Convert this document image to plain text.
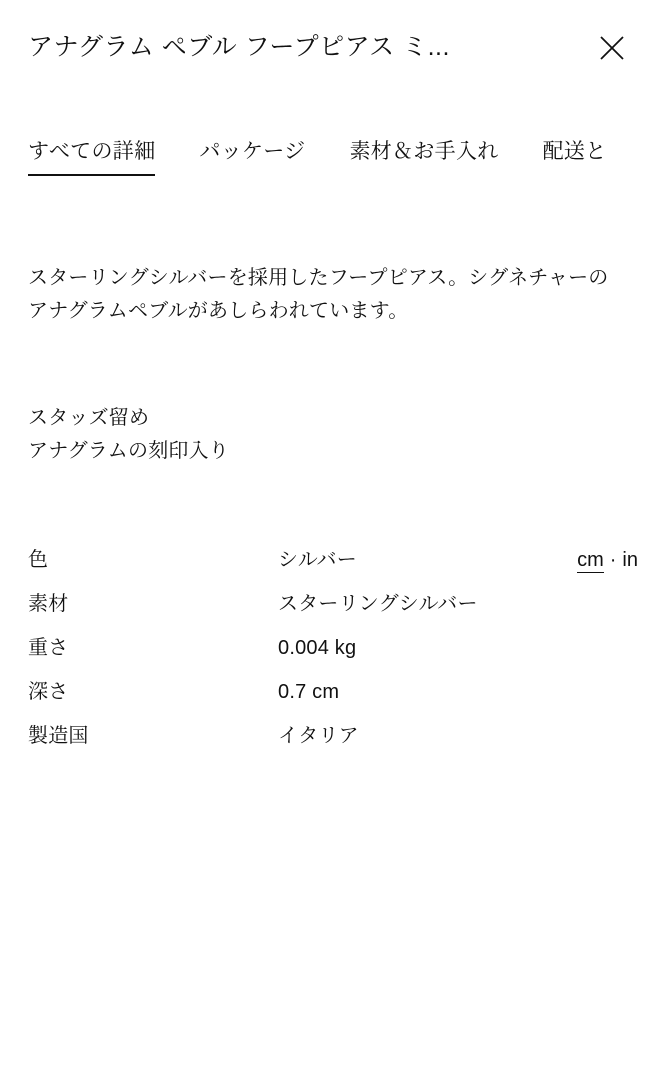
アナグラム ペブル フープピアス ミ...
すべての詳細 パッケージ 素材＆お手入れ 配送と
スターリングシルバーを採用したフープピアス。シグネチャーのアナグラムペブルがあしらわれています。
スタッズ留め
アナグラムの刻印入り
cm · in
色	シルバー
素材	スターリングシルバー
重さ	0.004 kg
深さ	0.7 cm
製造国	イタリア
